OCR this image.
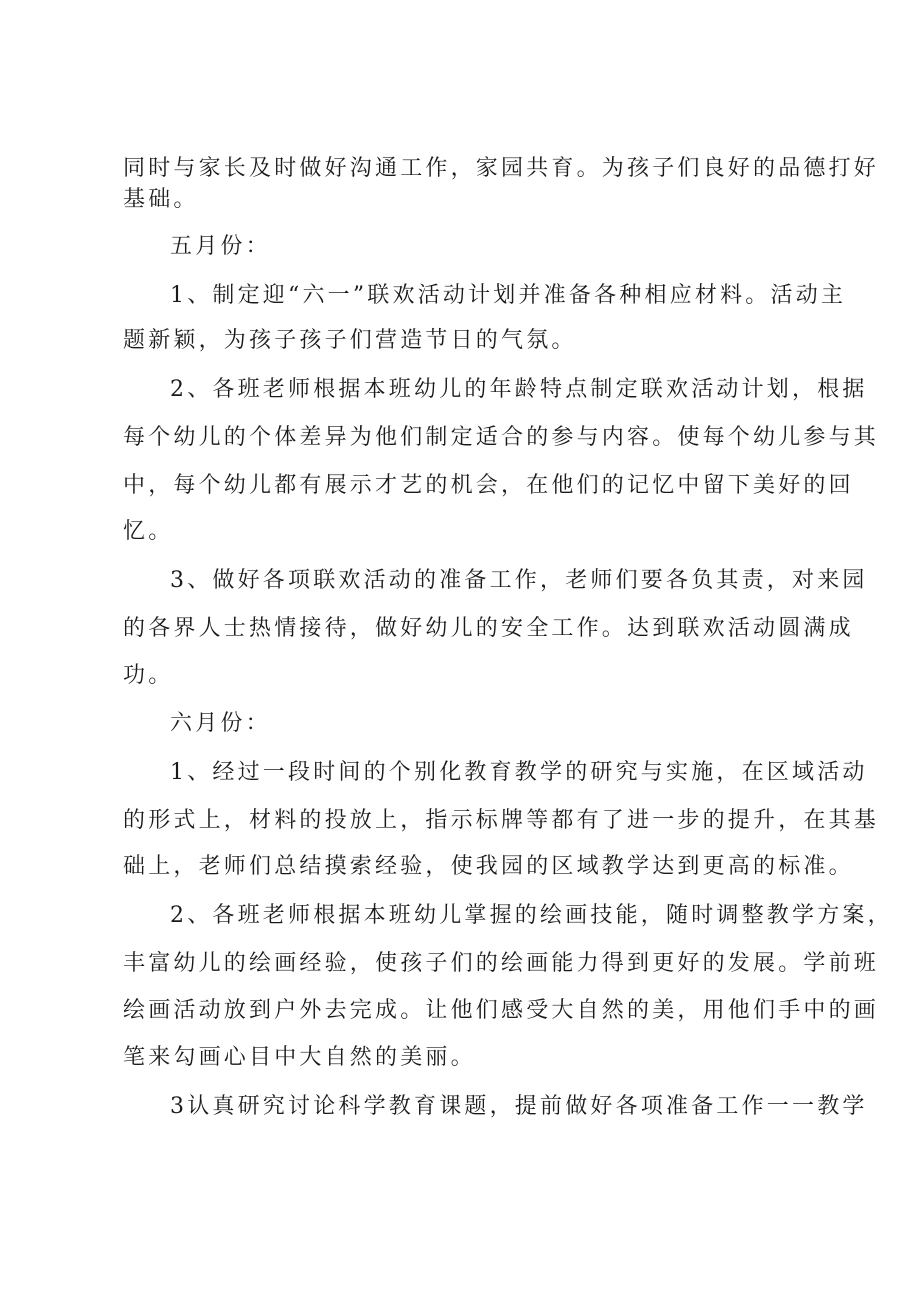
同时与家长及时做好沟通工作，家园共育。为孩子们良好的品德打好
基础。
五月份：
1、制定迎“六一”联欢活动计划并准备各种相应材料。活动主
题新颖，为孩子孩子们营造节日的气氛。
2、各班老师根据本班幼儿的年龄特点制定联欢活动计划，根据
每个幼儿的个体差异为他们制定适合的参与内容。使每个幼儿参与其
中，每个幼儿都有展示才艺的机会，在他们的记忆中留下美好的回
忆。
3、做好各项联欢活动的准备工作，老师们要各负其责，对来园
的各界人士热情接待，做好幼儿的安全工作。达到联欢活动圆满成
功。
六月份：
1、经过一段时间的个别化教育教学的研究与实施，在区域活动
的形式上，材料的投放上，指示标牌等都有了进一步的提升，在其基
础上，老师们总结摸索经验，使我园的区域教学达到更高的标准。
2、各班老师根据本班幼儿掌握的绘画技能，随时调整教学方案，
丰富幼儿的绘画经验，使孩子们的绘画能力得到更好的发展。学前班
绘画活动放到户外去完成。让他们感受大自然的美，用他们手中的画
笔来勾画心目中大自然的美丽。
3认真研究讨论科学教育课题，提前做好各项准备工作一一教学
